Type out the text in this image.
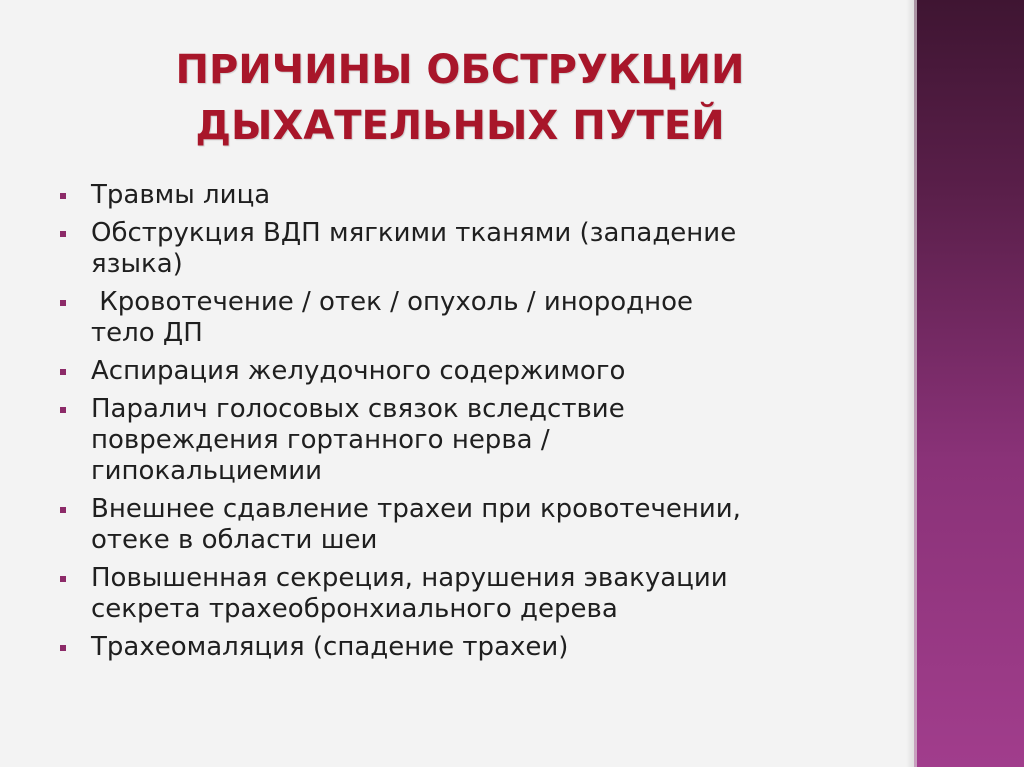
ПРИЧИНЫ ОБСТРУКЦИИ
ДЫХАТЕЛЬНЫХ ПУТЕЙ
Травмы лица
Обструкция ВДП мягкими тканями (западение
языка)
Кровотечение / отек / опухоль / инородное
тело ДП
Аспирация желудочного содержимого
Паралич голосовых связок вследствие
повреждения гортанного нерва /
гипокальциемии
Внешнее сдавление трахеи при кровотечении,
отеке в области шеи
Повышенная секреция, нарушения эвакуации
секрета трахеобронхиального дерева
Трахеомаляция (спадение трахеи)
